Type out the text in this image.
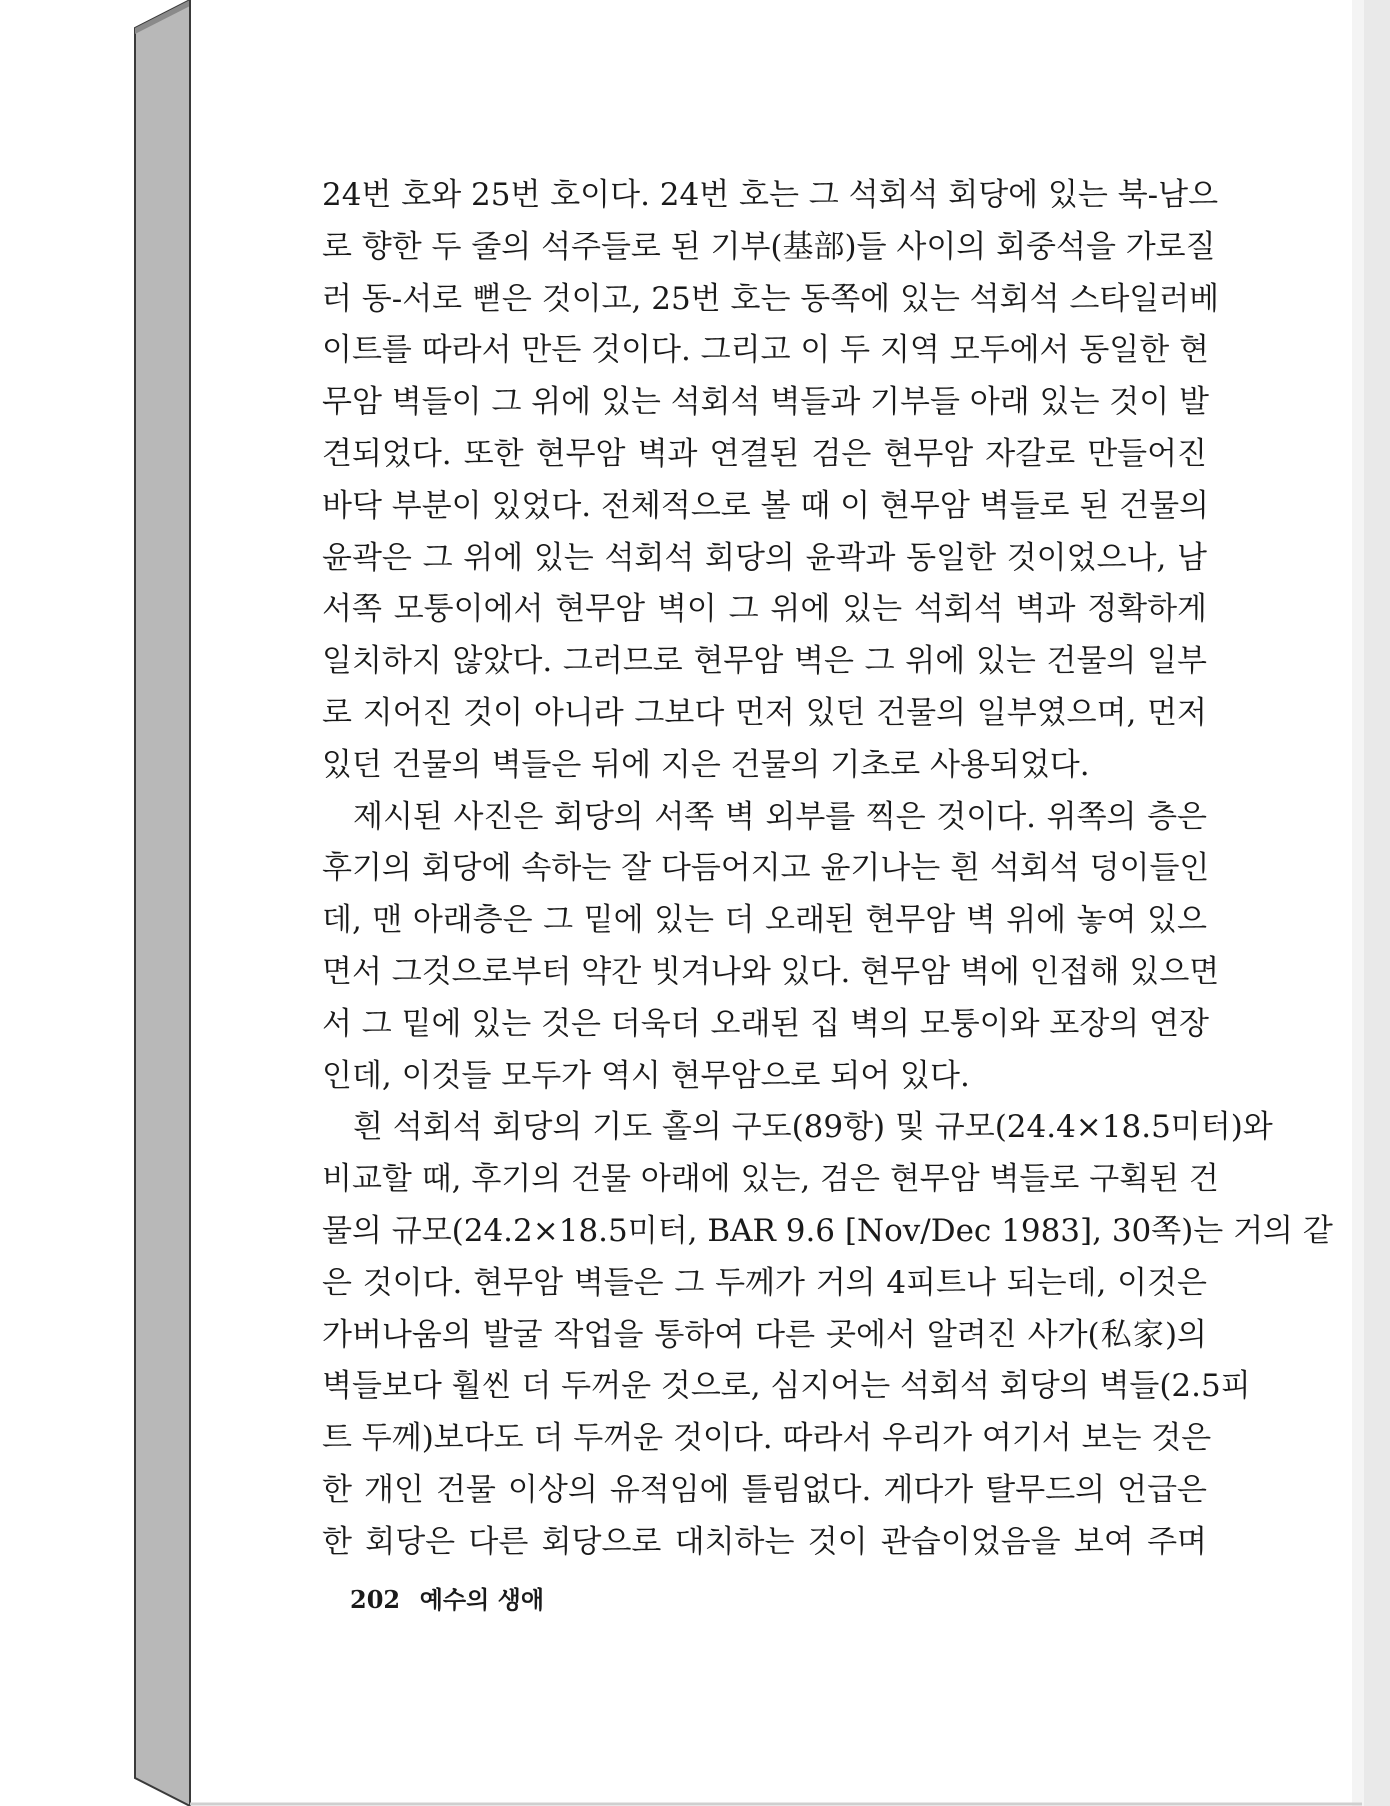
24번 호와 25번 호이다. 24번 호는 그 석회석 회당에 있는 북-남으
로 향한 두 줄의 석주들로 된 기부(基部)들 사이의 회중석을 가로질
러 동-서로 뻗은 것이고, 25번 호는 동쪽에 있는 석회석 스타일러베
이트를 따라서 만든 것이다. 그리고 이 두 지역 모두에서 동일한 현
무암 벽들이 그 위에 있는 석회석 벽들과 기부들 아래 있는 것이 발
견되었다. 또한 현무암 벽과 연결된 검은 현무암 자갈로 만들어진
바닥 부분이 있었다. 전체적으로 볼 때 이 현무암 벽들로 된 건물의
윤곽은 그 위에 있는 석회석 회당의 윤곽과 동일한 것이었으나, 남
서쪽 모퉁이에서 현무암 벽이 그 위에 있는 석회석 벽과 정확하게
일치하지 않았다. 그러므로 현무암 벽은 그 위에 있는 건물의 일부
로 지어진 것이 아니라 그보다 먼저 있던 건물의 일부였으며, 먼저
있던 건물의 벽들은 뒤에 지은 건물의 기초로 사용되었다.
제시된 사진은 회당의 서쪽 벽 외부를 찍은 것이다. 위쪽의 층은
후기의 회당에 속하는 잘 다듬어지고 윤기나는 흰 석회석 덩이들인
데, 맨 아래층은 그 밑에 있는 더 오래된 현무암 벽 위에 놓여 있으
면서 그것으로부터 약간 빗겨나와 있다. 현무암 벽에 인접해 있으면
서 그 밑에 있는 것은 더욱더 오래된 집 벽의 모퉁이와 포장의 연장
인데, 이것들 모두가 역시 현무암으로 되어 있다.
흰 석회석 회당의 기도 홀의 구도(89항) 및 규모(24.4×18.5미터)와
비교할 때, 후기의 건물 아래에 있는, 검은 현무암 벽들로 구획된 건
물의 규모(24.2×18.5미터, BAR 9.6 [Nov/Dec 1983], 30쪽)는 거의 같
은 것이다. 현무암 벽들은 그 두께가 거의 4피트나 되는데, 이것은
가버나움의 발굴 작업을 통하여 다른 곳에서 알려진 사가(私家)의
벽들보다 훨씬 더 두꺼운 것으로, 심지어는 석회석 회당의 벽들(2.5피
트 두께)보다도 더 두꺼운 것이다. 따라서 우리가 여기서 보는 것은
한 개인 건물 이상의 유적임에 틀림없다. 게다가 탈무드의 언급은
한 회당은 다른 회당으로 대치하는 것이 관습이었음을 보여 주며
202 예수의 생애
